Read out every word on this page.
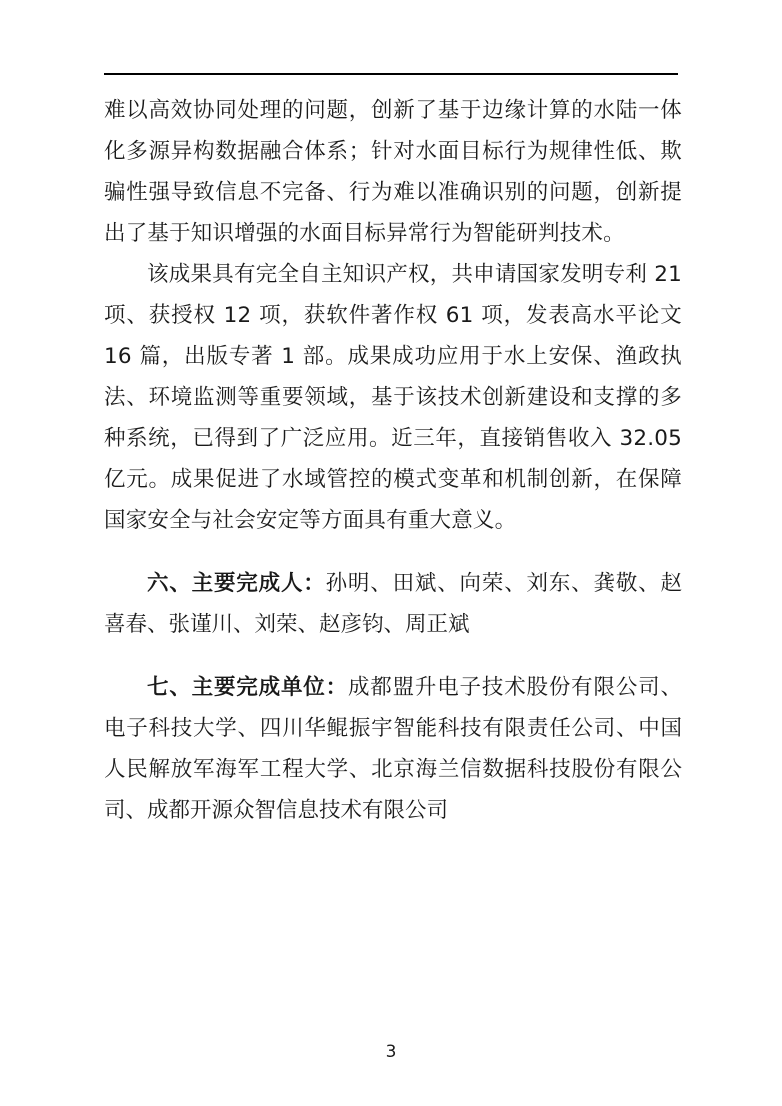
难以高效协同处理的问题，创新了基于边缘计算的水陆一体化多源异构数据融合体系；针对水面目标行为规律性低、欺骗性强导致信息不完备、行为难以准确识别的问题，创新提出了基于知识增强的水面目标异常行为智能研判技术。

该成果具有完全自主知识产权，共申请国家发明专利 21 项、获授权 12 项，获软件著作权 61 项，发表高水平论文 16 篇，出版专著 1 部。成果成功应用于水上安保、渔政执法、环境监测等重要领域，基于该技术创新建设和支撑的多种系统，已得到了广泛应用。近三年，直接销售收入 32.05 亿元。成果促进了水域管控的模式变革和机制创新，在保障国家安全与社会安定等方面具有重大意义。

六、主要完成人：孙明、田斌、向荣、刘东、龚敬、赵喜春、张谨川、刘荣、赵彦钧、周正斌

七、主要完成单位：成都盟升电子技术股份有限公司、电子科技大学、四川华鲲振宇智能科技有限责任公司、中国人民解放军海军工程大学、北京海兰信数据科技股份有限公司、成都开源众智信息技术有限公司

3
